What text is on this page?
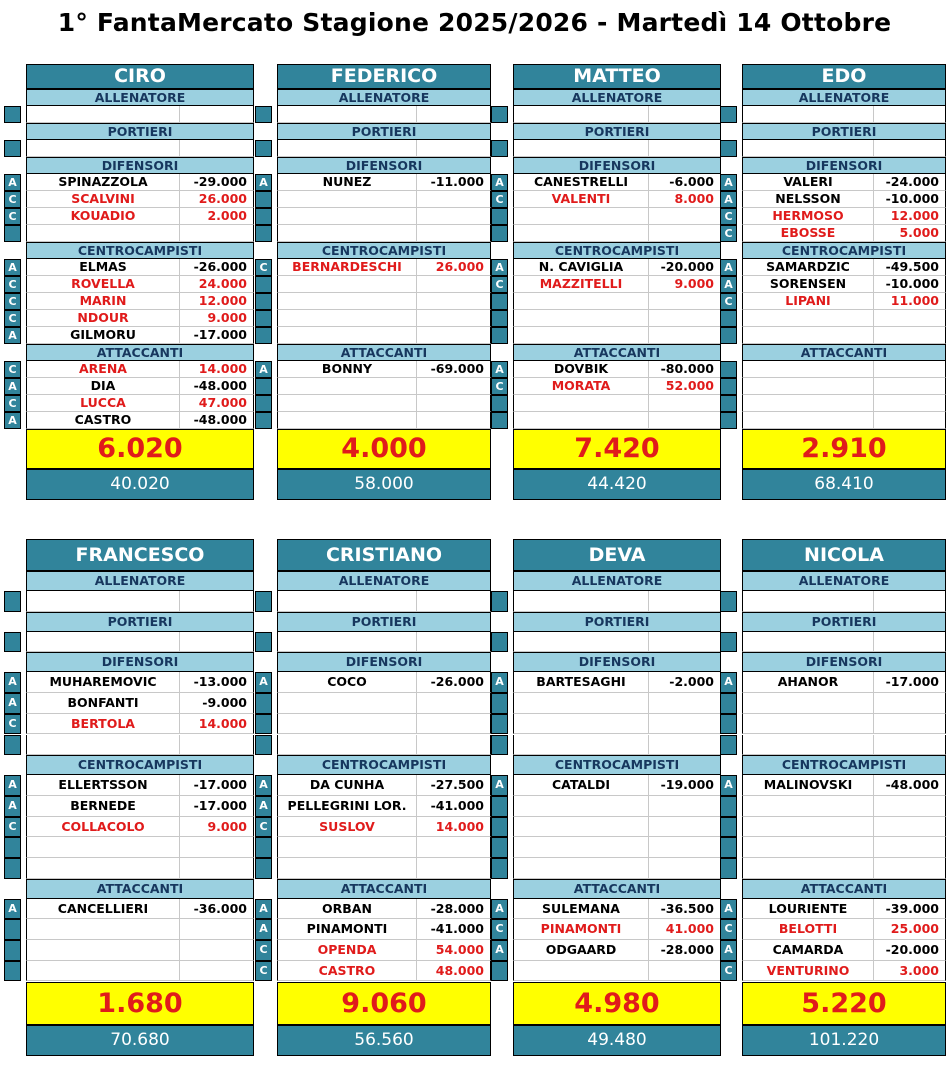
1° FantaMercato Stagione 2025/2026 - Martedì 14 Ottobre
CIRO
ALLENATORE
PORTIERI
DIFENSORI
A	SPINAZZOLA	-29.000
C	SCALVINI	26.000
C	KOUADIO	2.000
CENTROCAMPISTI
A	ELMAS	-26.000
C	ROVELLA	24.000
C	MARIN	12.000
C	NDOUR	9.000
A	GILMORU	-17.000
ATTACCANTI
C	ARENA	14.000
A	DIA	-48.000
C	LUCCA	47.000
A	CASTRO	-48.000
6.020
40.020
FEDERICO
ALLENATORE
PORTIERI
DIFENSORI
A	NUNEZ	-11.000
CENTROCAMPISTI
C	BERNARDESCHI	26.000
ATTACCANTI
A	BONNY	-69.000
4.000
58.000
MATTEO
ALLENATORE
PORTIERI
DIFENSORI
A	CANESTRELLI	-6.000
C	VALENTI	8.000
CENTROCAMPISTI
A	N. CAVIGLIA	-20.000
C	MAZZITELLI	9.000
ATTACCANTI
A	DOVBIK	-80.000
C	MORATA	52.000
7.420
44.420
EDO
ALLENATORE
PORTIERI
DIFENSORI
A	VALERI	-24.000
A	NELSSON	-10.000
C	HERMOSO	12.000
C	EBOSSE	5.000
CENTROCAMPISTI
A	SAMARDZIC	-49.500
A	SORENSEN	-10.000
C	LIPANI	11.000
ATTACCANTI
2.910
68.410
FRANCESCO
ALLENATORE
PORTIERI
DIFENSORI
A	MUHAREMOVIC	-13.000
A	BONFANTI	-9.000
C	BERTOLA	14.000
CENTROCAMPISTI
A	ELLERTSSON	-17.000
A	BERNEDE	-17.000
C	COLLACOLO	9.000
ATTACCANTI
A	CANCELLIERI	-36.000
1.680
70.680
CRISTIANO
ALLENATORE
PORTIERI
DIFENSORI
A	COCO	-26.000
CENTROCAMPISTI
A	DA CUNHA	-27.500
A	PELLEGRINI LOR.	-41.000
C	SUSLOV	14.000
ATTACCANTI
A	ORBAN	-28.000
A	PINAMONTI	-41.000
C	OPENDA	54.000
C	CASTRO	48.000
9.060
56.560
DEVA
ALLENATORE
PORTIERI
DIFENSORI
A	BARTESAGHI	-2.000
CENTROCAMPISTI
A	CATALDI	-19.000
ATTACCANTI
A	SULEMANA	-36.500
C	PINAMONTI	41.000
A	ODGAARD	-28.000
4.980
49.480
NICOLA
ALLENATORE
PORTIERI
DIFENSORI
A	AHANOR	-17.000
CENTROCAMPISTI
A	MALINOVSKI	-48.000
ATTACCANTI
A	LOURIENTE	-39.000
C	BELOTTI	25.000
A	CAMARDA	-20.000
C	VENTURINO	3.000
5.220
101.220
